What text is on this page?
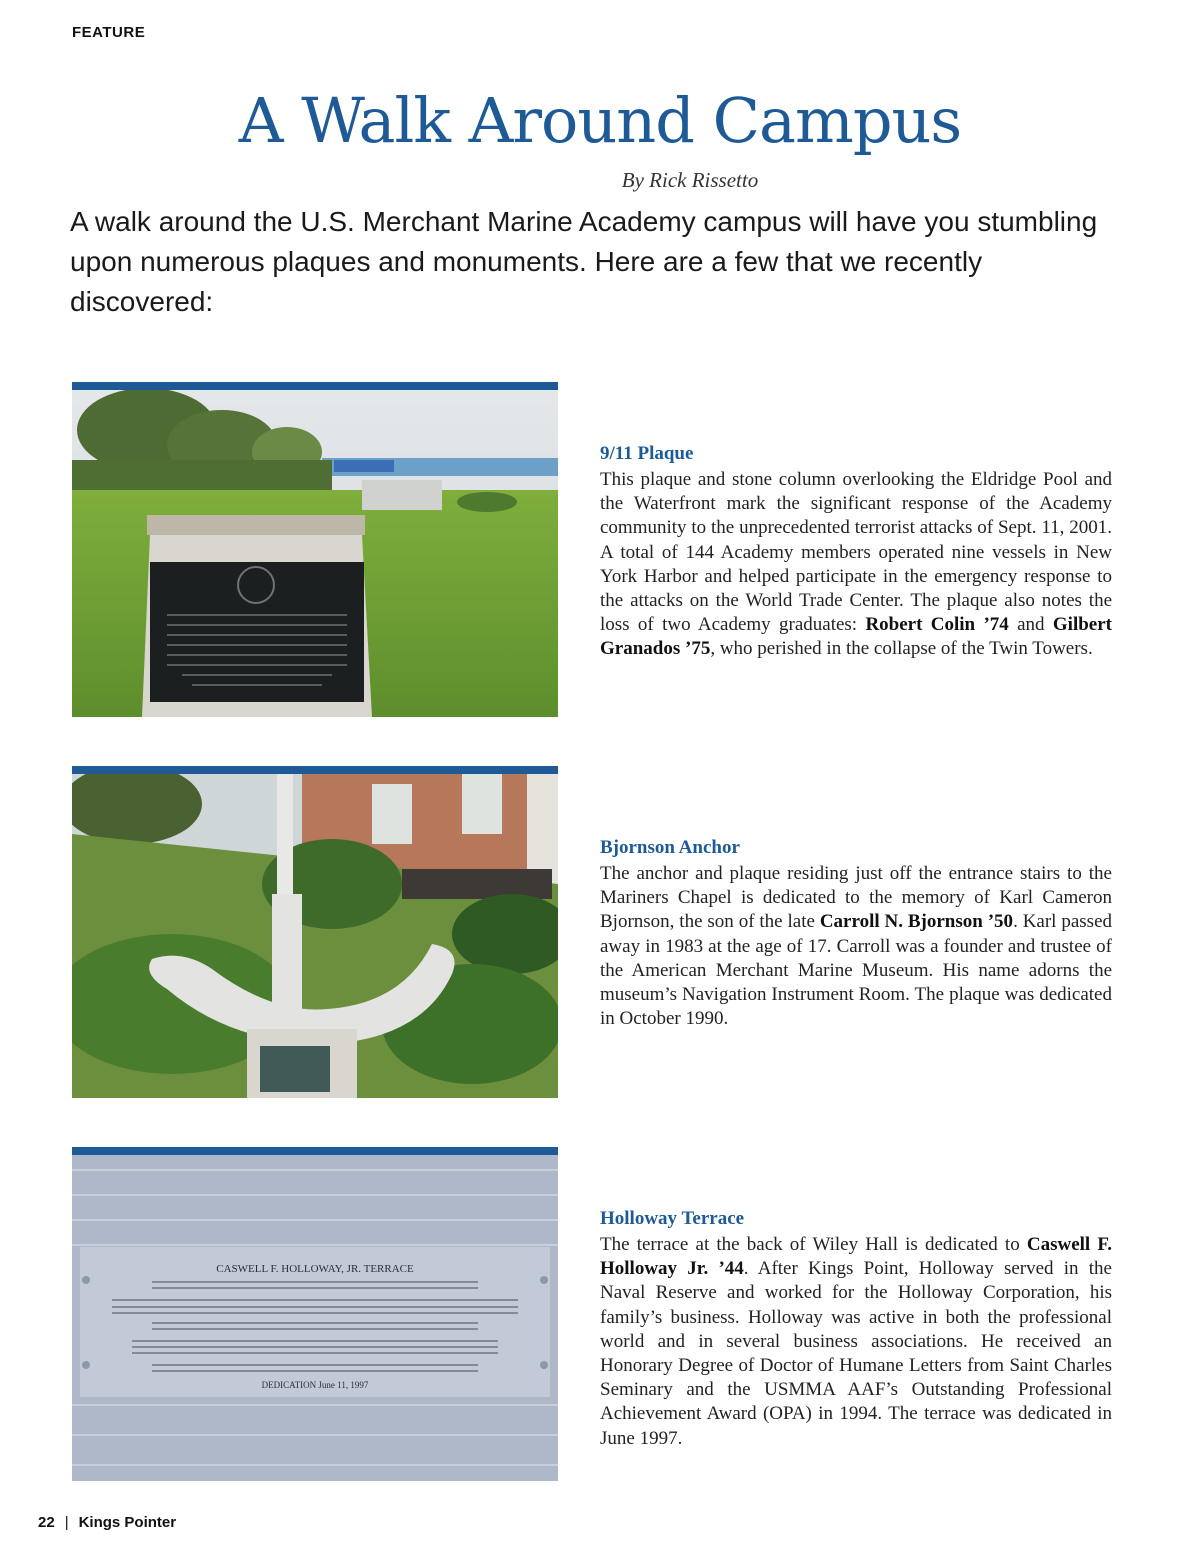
FEATURE
A Walk Around Campus
By Rick Rissetto

A walk around the U.S. Merchant Marine Academy campus will have you stumbling upon numerous plaques and monuments. Here are a few that we recently discovered:

9/11 Plaque

This plaque and stone column overlooking the Eldridge Pool and the Waterfront mark the significant response of the Academy community to the unprecedented terrorist attacks of Sept. 11, 2001. A total of 144 Academy members operated nine vessels in New York Harbor and helped participate in the emergency response to the attacks on the World Trade Center. The plaque also notes the loss of two Academy graduates: Robert Colin ’74 and Gilbert Granados ’75, who perished in the collapse of the Twin Towers.

Bjornson Anchor

The anchor and plaque residing just off the entrance stairs to the Mariners Chapel is dedicated to the memory of Karl Cameron Bjornson, the son of the late Carroll N. Bjornson ’50. Karl passed away in 1983 at the age of 17. Carroll was a founder and trustee of the American Merchant Marine Museum. His name adorns the museum’s Navigation Instrument Room. The plaque was dedicated in October 1990.

CASWELL F. HOLLOWAY, JR. TERRACE
DEDICATION June 11, 1997
Holloway Terrace

The terrace at the back of Wiley Hall is dedicated to Caswell F. Holloway Jr. ’44. After Kings Point, Holloway served in the Naval Reserve and worked for the Holloway Corporation, his family’s business. Holloway was active in both the professional world and in several business associations. He received an Honorary Degree of Doctor of Humane Letters from Saint Charles Seminary and the USMMA AAF’s Outstanding Professional Achievement Award (OPA) in 1994. The terrace was dedicated in June 1997.

22 | Kings Pointer
